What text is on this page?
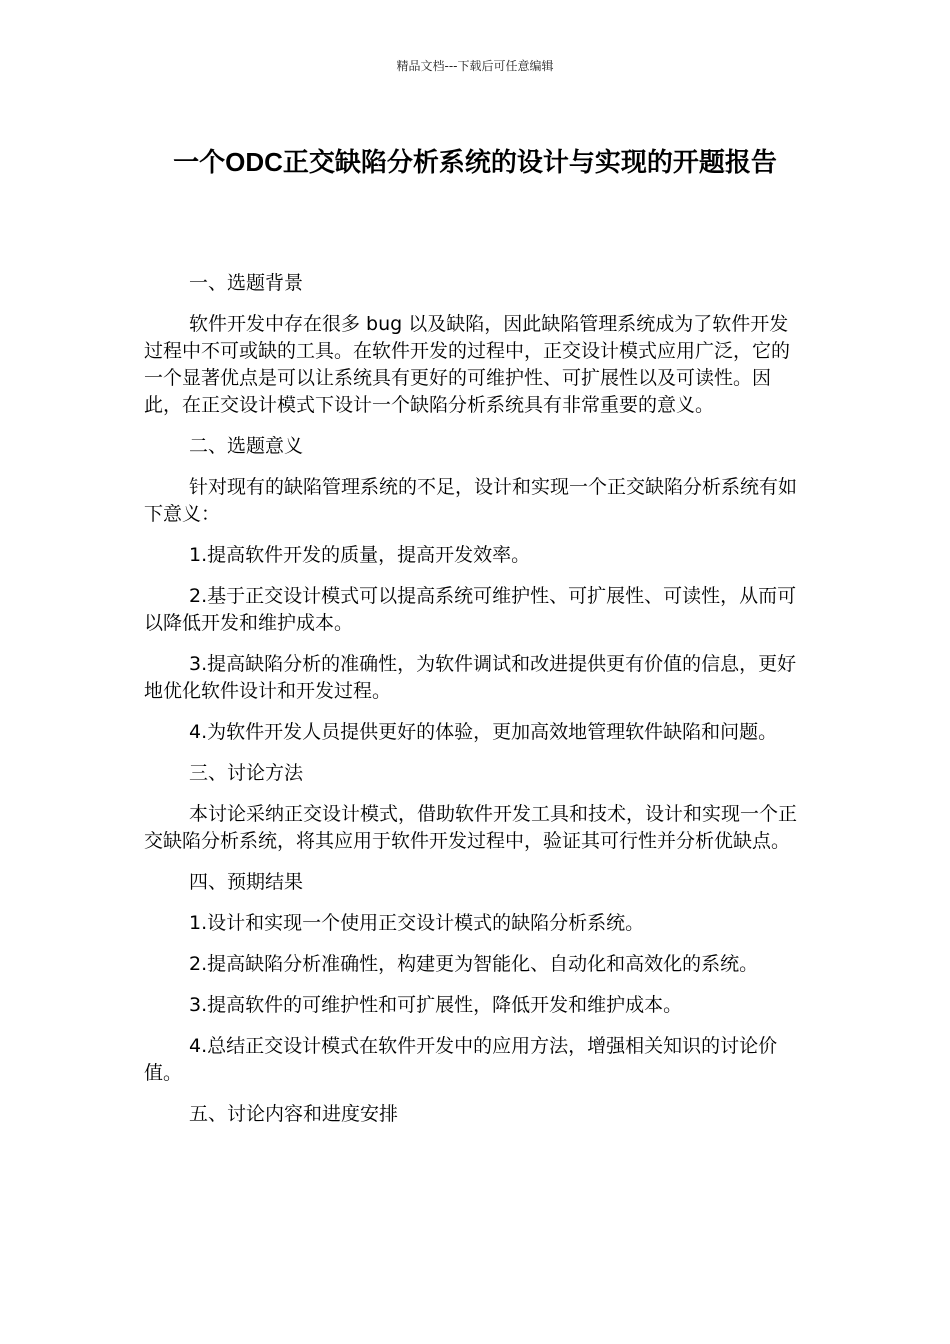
精品文档---下载后可任意编辑
一个ODC正交缺陷分析系统的设计与实现的开题报告

一、选题背景

软件开发中存在很多 bug 以及缺陷，因此缺陷管理系统成为了软件开发过程中不可或缺的工具。在软件开发的过程中，正交设计模式应用广泛，它的一个显著优点是可以让系统具有更好的可维护性、可扩展性以及可读性。因此，在正交设计模式下设计一个缺陷分析系统具有非常重要的意义。

二、选题意义

针对现有的缺陷管理系统的不足，设计和实现一个正交缺陷分析系统有如下意义：

1.提高软件开发的质量，提高开发效率。

2.基于正交设计模式可以提高系统可维护性、可扩展性、可读性，从而可以降低开发和维护成本。

3.提高缺陷分析的准确性，为软件调试和改进提供更有价值的信息，更好地优化软件设计和开发过程。

4.为软件开发人员提供更好的体验，更加高效地管理软件缺陷和问题。

三、讨论方法

本讨论采纳正交设计模式，借助软件开发工具和技术，设计和实现一个正交缺陷分析系统，将其应用于软件开发过程中，验证其可行性并分析优缺点。

四、预期结果

1.设计和实现一个使用正交设计模式的缺陷分析系统。

2.提高缺陷分析准确性，构建更为智能化、自动化和高效化的系统。

3.提高软件的可维护性和可扩展性，降低开发和维护成本。

4.总结正交设计模式在软件开发中的应用方法，增强相关知识的讨论价值。

五、讨论内容和进度安排
